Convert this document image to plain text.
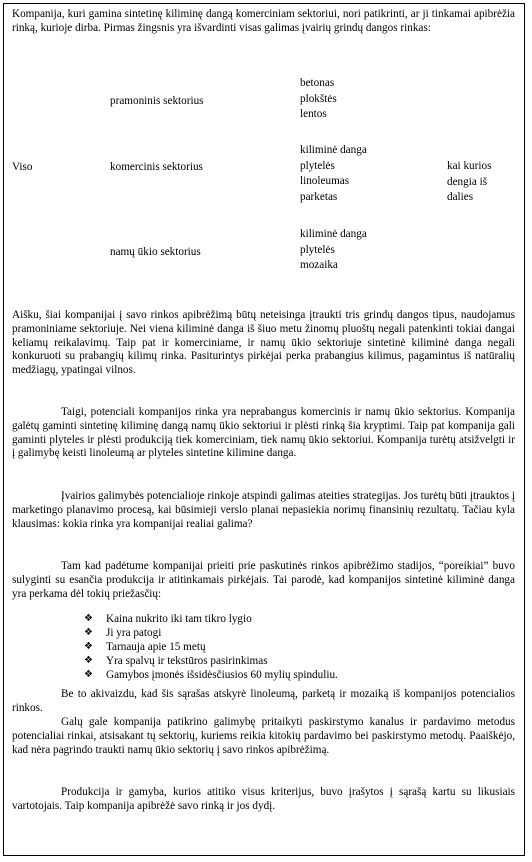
Kompanija, kuri gamina sintetinę kiliminę dangą komerciniam sektoriui, nori patikrinti, ar ji tinkamai apibrėžia rinką, kurioje dirba. Pirmas žingsnis yra išvardinti visas galimas įvairių grindų dangos rinkas:

Viso
pramoninis sektorius
betonas
plokštės
lentos
komercinis sektorius
kiliminė danga
plytelės
linoleumas
parketas
kai kurios
dengia iš
dalies
namų ūkio sektorius
kiliminė danga
plytelės
mozaika

Aišku, šiai kompanijai į savo rinkos apibrėžimą būtų neteisinga įtraukti tris grindų dangos tipus, naudojamus pramoniniame sektoriuje. Nei viena kiliminė danga iš šiuo metu žinomų pluoštų negali patenkinti tokiai dangai keliamų reikalavimų. Taip pat ir komerciniame, ir namų ūkio sektoriuje sintetinė kiliminė danga negali konkuruoti su prabangių kilimų rinka. Pasiturintys pirkėjai perka prabangius kilimus, pagamintus iš natūralių medžiagų, ypatingai vilnos.

Taigi, potenciali kompanijos rinka yra neprabangus komercinis ir namų ūkio sektorius. Kompanija galėtų gaminti sintetinę kiliminę dangą namų ūkio sektoriui ir plėsti rinką šia kryptimi. Taip pat kompanija gali gaminti plyteles ir plėsti produkciją tiek komerciniam, tiek namų ūkio sektoriui. Kompanija turėtų atsižvelgti ir į galimybę keisti linoleumą ar plyteles sintetine kilimine danga.

Įvairios galimybės potencialioje rinkoje atspindi galimas ateities strategijas. Jos turėtų būti įtrauktos į marketingo planavimo procesą, kai būsimieji verslo planai nepasiekia norimų finansinių rezultatų. Tačiau kyla klausimas: kokia rinka yra kompanijai realiai galima?

Tam kad padėtume kompanijai prieiti prie paskutinės rinkos apibrėžimo stadijos, “poreikiai” buvo sulyginti su esančia produkcija ir atitinkamais pirkėjais. Tai parodė, kad kompanijos sintetinė kiliminė danga yra perkama dėl tokių priežasčių:

❖ Kaina nukrito iki tam tikro lygio
❖ Ji yra patogi
❖ Tarnauja apie 15 metų
❖ Yra spalvų ir tekstūros pasirinkimas
❖ Gamybos įmonės išsidėsčiusios 60 mylių spinduliu.

Be to akivaizdu, kad šis sąrašas atskyrė linoleumą, parketą ir mozaiką iš kompanijos potencialios rinkos.

Galų gale kompanija patikrino galimybę pritaikyti paskirstymo kanalus ir pardavimo metodus potencialiai rinkai, atsisakant tų sektorių, kuriems reikia kitokių pardavimo bei paskirstymo metodų. Paaiškėjo, kad nėra pagrindo traukti namų ūkio sektorių į savo rinkos apibrėžimą.

Produkcija ir gamyba, kurios atitiko visus kriterijus, buvo įrašytos į sąrašą kartu su likusiais vartotojais. Taip kompanija apibrėžė savo rinką ir jos dydį.
